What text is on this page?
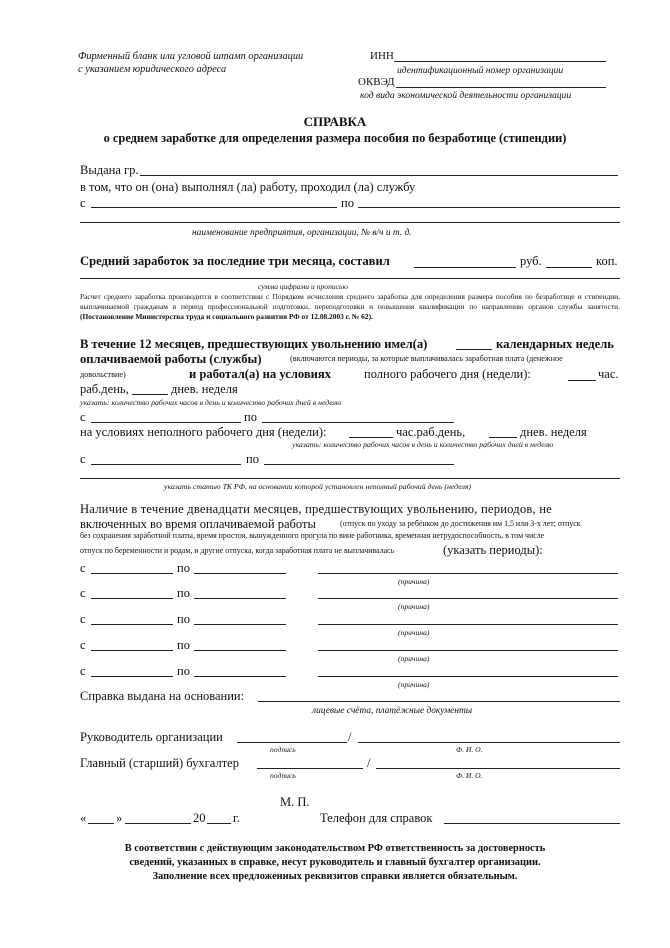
Фирменный бланк или угловой штамп организации
с указанием юридического адреса
ИНН
идентификационный номер организации
ОКВЭД
код вида экономической деятельности организации
СПРАВКА
о среднем заработке для определения размера пособия по безработице (стипендии)
Выдана гр.
в том, что он (она) выполнял (ла) работу, проходил (ла) службу
с	по
наименование предприятия, организации, № в/ч и т. д.
Средний заработок за последние три месяца, составил	руб.	коп.
сумма цифрами и прописью
Расчет среднего заработка производится в соответствии с Порядком исчисления среднего заработка для определения размера пособия по безработице и стипендии, выплачиваемой гражданам в период профессиональной подготовки, переподготовки и повышения квалификации по направлению органов службы занятости. (Постановление Министерства труда и социального развития РФ от 12.08.2003 г. № 62).
В течение 12 месяцев, предшествующих увольнению имел(а)	календарных недель
оплачиваемой работы (службы)	(включаются периоды, за которые выплачивалась заработная плата (денежное
довольствие)	и работал(а) на условиях	полного рабочего дня (недели):	час.
раб.день,	днев. неделя
указать: количество рабочих часов в день и количество рабочих дней в неделю
с	по
на условиях неполного рабочего дня (недели):	час.раб.день,	днев. неделя
указать: количество рабочих часов в день и количество рабочих дней в неделю
с	по
указать статью ТК РФ, на основании которой установлен неполный рабочий день (неделя)
Наличие в течение двенадцати месяцев, предшествующих увольнению, периодов, не
включенных во время оплачиваемой работы	(отпуск по уходу за ребёнком до достижения им 1,5 или 3-х лет; отпуск
без сохранения заработной платы, время простоя, вынужденного прогула по вине работника, временная нетрудоспособность, в том числе
отпуск по беременности и родам, и другие отпуска, когда заработная плата не выплачивалась	(указать периоды):
с	по
(причина)
с	по
(причина)
с	по
(причина)
с	по
(причина)
с	по
(причина)
Справка выдана на основании:
лицевые счёта, платёжные документы
Руководитель организации	/
подпись	Ф. И. О.
Главный (старший) бухгалтер	/
подпись	Ф. И. О.
М. П.
« »	20 г.	Телефон для справок
В соответствии с действующим законодательством РФ ответственность за достоверность
сведений, указанных в справке, несут руководитель и главный бухгалтер организации.
Заполнение всех предложенных реквизитов справки является обязательным.
